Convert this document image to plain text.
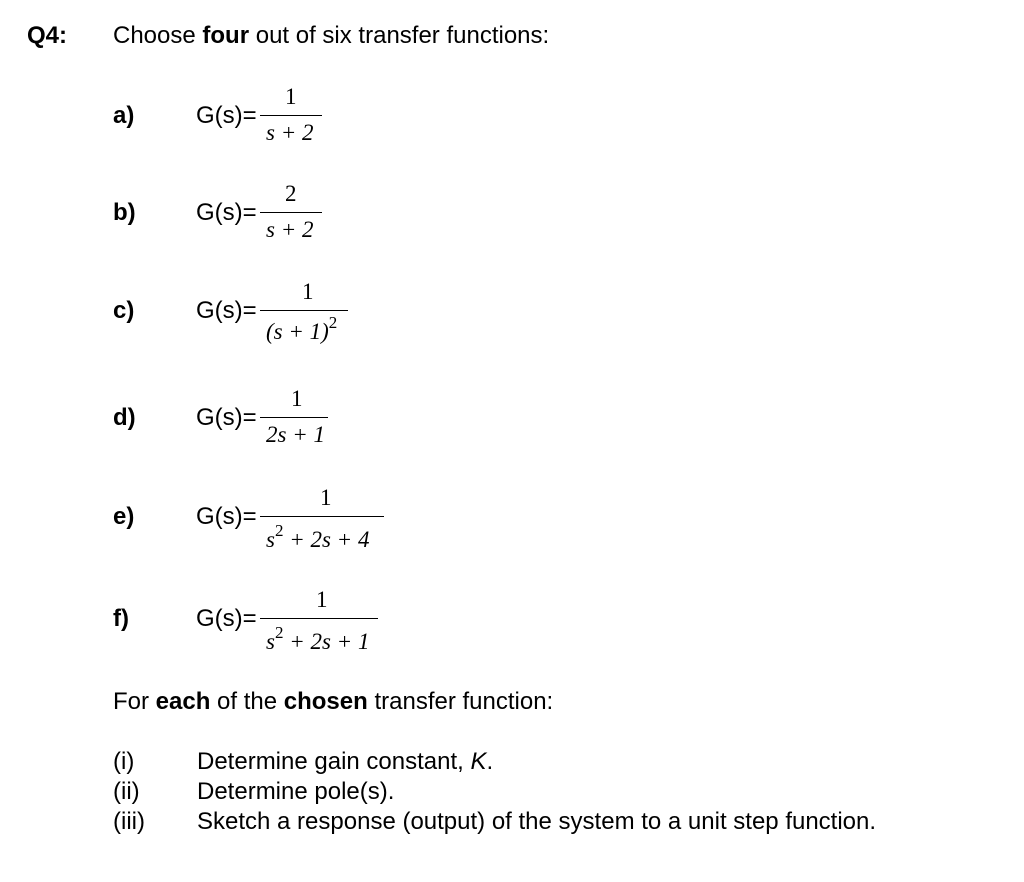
Q4: Choose four out of six transfer functions:
a)	G(s)=
1
s + 2
b)	G(s)=
2
s + 2
c)	G(s)=
1
$(s + 1)^2$
d)	G(s)=
1
2s + 1
e)	G(s)=
1
$s^2 + 2s + 4$
f)	G(s)=
1
$s^2 + 2s + 1$
For each of the chosen transfer function:
(i)	Determine gain constant, K.
(ii) Determine pole(s).
(iii) Sketch a response (output) of the system to a unit step function.
